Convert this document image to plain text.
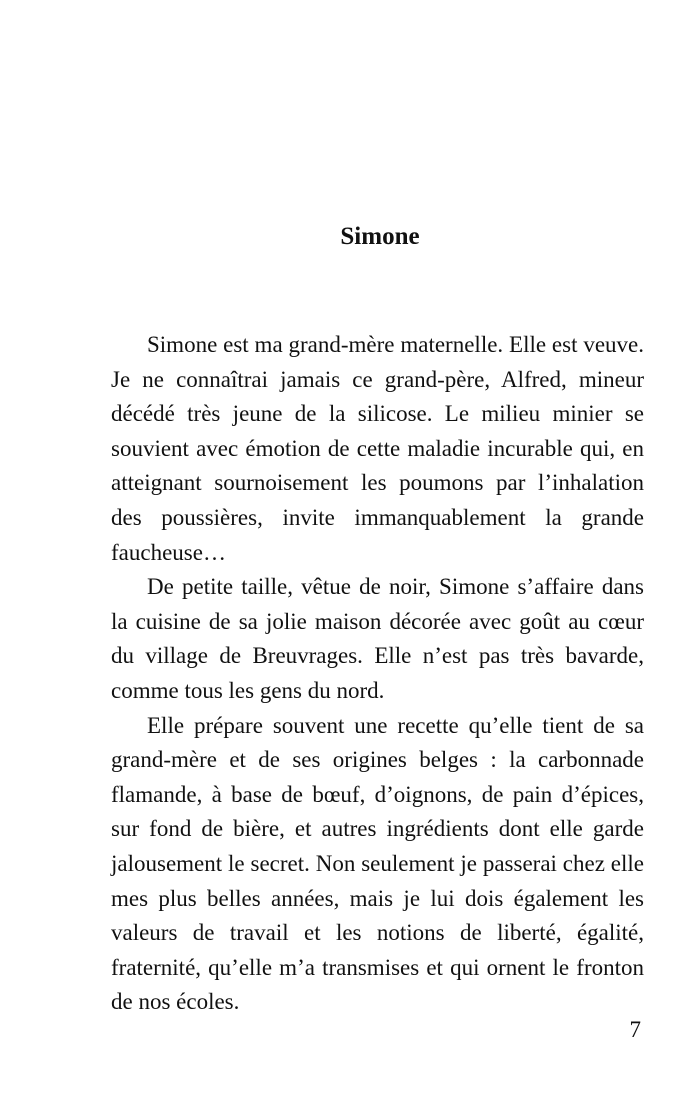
Simone

Simone est ma grand-mère maternelle. Elle est veuve. Je ne connaîtrai jamais ce grand-père, Alfred, mineur décédé très jeune de la silicose. Le milieu minier se souvient avec émotion de cette maladie incurable qui, en atteignant sournoisement les poumons par l’inhalation des poussières, invite immanquablement la grande faucheuse…

De petite taille, vêtue de noir, Simone s’affaire dans la cuisine de sa jolie maison décorée avec goût au cœur du village de Breuvrages. Elle n’est pas très bavarde, comme tous les gens du nord.

Elle prépare souvent une recette qu’elle tient de sa grand-mère et de ses origines belges : la carbonnade flamande, à base de bœuf, d’oignons, de pain d’épices, sur fond de bière, et autres ingrédients dont elle garde jalousement le secret. Non seulement je passerai chez elle mes plus belles années, mais je lui dois également les valeurs de travail et les notions de liberté, égalité, fraternité, qu’elle m’a transmises et qui ornent le fronton de nos écoles.

7
